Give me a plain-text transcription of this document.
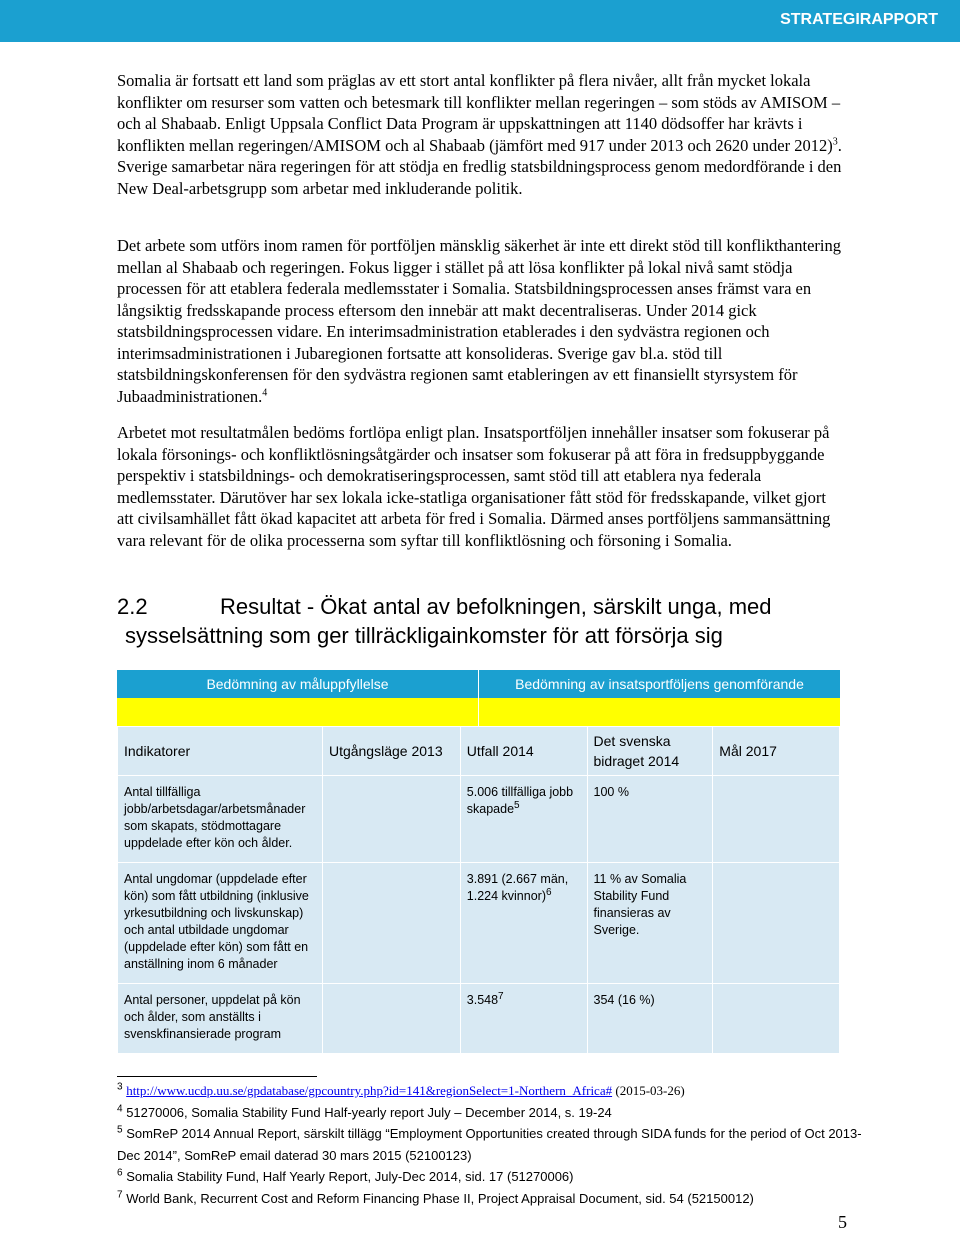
STRATEGIRAPPORT

Somalia är fortsatt ett land som präglas av ett stort antal konflikter på flera nivåer, allt från mycket lokala konflikter om resurser som vatten och betesmark till konflikter mellan regeringen – som stöds av AMISOM – och al Shabaab. Enligt Uppsala Conflict Data Program är uppskattningen att 1140 dödsoffer har krävts i konflikten mellan regeringen/AMISOM och al Shabaab (jämfört med 917 under 2013 och 2620 under 2012)$^3$. Sverige samarbetar nära regeringen för att stödja en fredlig statsbildningsprocess genom medordförande i den New Deal-arbetsgrupp som arbetar med inkluderande politik.

Det arbete som utförs inom ramen för portföljen mänsklig säkerhet är inte ett direkt stöd till konflikthantering mellan al Shabaab och regeringen. Fokus ligger i stället på att lösa konflikter på lokal nivå samt stödja processen för att etablera federala medlemsstater i Somalia. Statsbildningsprocessen anses främst vara en långsiktig fredsskapande process eftersom den innebär att makt decentraliseras. Under 2014 gick statsbildningsprocessen vidare. En interimsadministration etablerades i den sydvästra regionen och interimsadministrationen i Jubaregionen fortsatte att konsolideras. Sverige gav bl.a. stöd till statsbildningskonferensen för den sydvästra regionen samt etableringen av ett finansiellt styrsystem för Jubaadministrationen.$^4$

Arbetet mot resultatmålen bedöms fortlöpa enligt plan. Insatsportföljen innehåller insatser som fokuserar på lokala försonings- och konfliktlösningsåtgärder och insatser som fokuserar på att föra in fredsuppbyggande perspektiv i statsbildnings- och demokratiseringsprocessen, samt stöd till att etablera nya federala medlemsstater. Därutöver har sex lokala icke-statliga organisationer fått stöd för fredsskapande, vilket gjort att civilsamhället fått ökad kapacitet att arbeta för fred i Somalia. Därmed anses portföljens sammansättning vara relevant för de olika processerna som syftar till konfliktlösning och försoning i Somalia.

2.2	Resultat - Ökat antal av befolkningen, särskilt unga, med
sysselsättning som ger tillräckligainkomster för att försörja sig
Bedömning av måluppfyllelse	Bedömning av insatsportföljens genomförande
Indikatorer	Utgångsläge 2013	Utfall 2014	Det svenska bidraget 2014	Mål 2017
Antal tillfälliga jobb/arbetsdagar/arbetsmånader som skapats, stödmottagare uppdelade efter kön och ålder.		5.006 tillfälliga jobb skapade$^5$	100 %	
Antal ungdomar (uppdelade efter kön) som fått utbildning (inklusive yrkesutbildning och livskunskap) och antal utbildade ungdomar (uppdelade efter kön) som fått en anställning inom 6 månader		3.891 (2.667 män, 1.224 kvinnor)$^6$	11 % av Somalia Stability Fund finansieras av Sverige.	
Antal personer, uppdelat på kön och ålder, som anställts i svenskfinansierade program		3.548$^7$	354 (16 %)	

$^3$ http://www.ucdp.uu.se/gpdatabase/gpcountry.php?id=141&regionSelect=1-Northern_Africa# (2015-03-26)

$^4$ 51270006, Somalia Stability Fund Half-yearly report July – December 2014, s. 19-24

$^5$ SomReP 2014 Annual Report, särskilt tillägg “Employment Opportunities created through SIDA funds for the period of Oct 2013-Dec 2014”, SomReP email daterad 30 mars 2015 (52100123)

$^6$ Somalia Stability Fund, Half Yearly Report, July-Dec 2014, sid. 17 (51270006)

$^7$ World Bank, Recurrent Cost and Reform Financing Phase II, Project Appraisal Document, sid. 54 (52150012)

5
